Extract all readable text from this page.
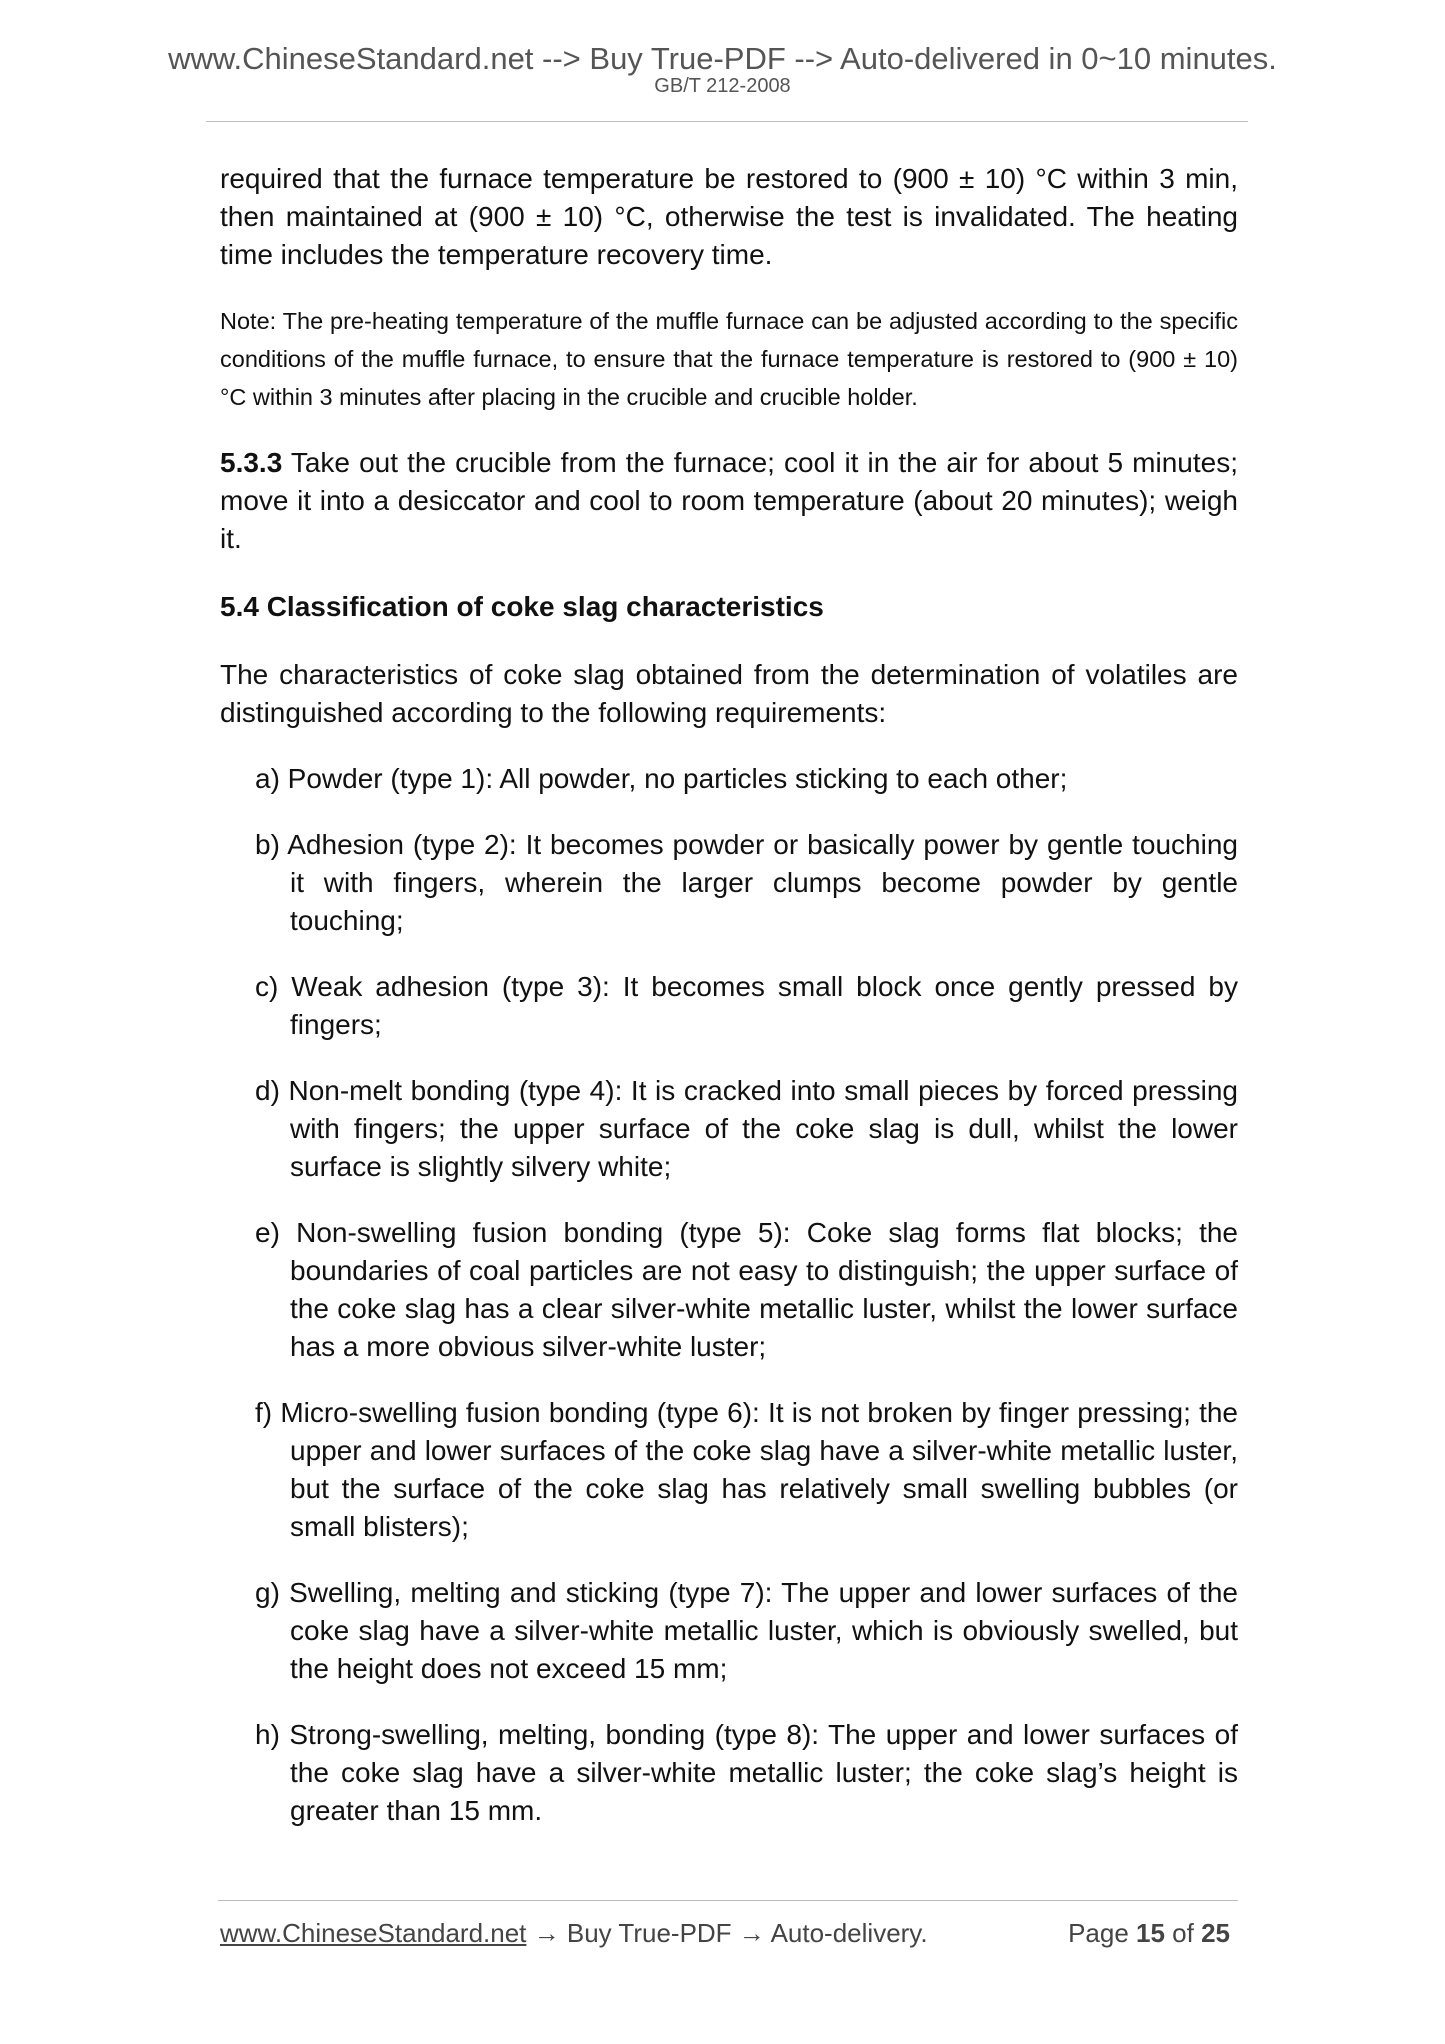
www.ChineseStandard.net --> Buy True-PDF --> Auto-delivered in 0~10 minutes.
GB/T 212-2008

required that the furnace temperature be restored to (900 ± 10) °C within 3 min, then maintained at (900 ± 10) °C, otherwise the test is invalidated. The heating time includes the temperature recovery time.

Note: The pre-heating temperature of the muffle furnace can be adjusted according to the specific conditions of the muffle furnace, to ensure that the furnace temperature is restored to (900 ± 10) °C within 3 minutes after placing in the crucible and crucible holder.

5.3.3 Take out the crucible from the furnace; cool it in the air for about 5 minutes; move it into a desiccator and cool to room temperature (about 20 minutes); weigh it.

5.4 Classification of coke slag characteristics

The characteristics of coke slag obtained from the determination of volatiles are distinguished according to the following requirements:

a) Powder (type 1): All powder, no particles sticking to each other;

b) Adhesion (type 2): It becomes powder or basically power by gentle touching it with fingers, wherein the larger clumps become powder by gentle touching;

c) Weak adhesion (type 3): It becomes small block once gently pressed by fingers;

d) Non-melt bonding (type 4): It is cracked into small pieces by forced pressing with fingers; the upper surface of the coke slag is dull, whilst the lower surface is slightly silvery white;

e) Non-swelling fusion bonding (type 5): Coke slag forms flat blocks; the boundaries of coal particles are not easy to distinguish; the upper surface of the coke slag has a clear silver-white metallic luster, whilst the lower surface has a more obvious silver-white luster;

f) Micro-swelling fusion bonding (type 6): It is not broken by finger pressing; the upper and lower surfaces of the coke slag have a silver-white metallic luster, but the surface of the coke slag has relatively small swelling bubbles (or small blisters);

g) Swelling, melting and sticking (type 7): The upper and lower surfaces of the coke slag have a silver-white metallic luster, which is obviously swelled, but the height does not exceed 15 mm;

h) Strong-swelling, melting, bonding (type 8): The upper and lower surfaces of the coke slag have a silver-white metallic luster; the coke slag’s height is greater than 15 mm.

www.ChineseStandard.net → Buy True-PDF → Auto-delivery.	Page 15 of 25
